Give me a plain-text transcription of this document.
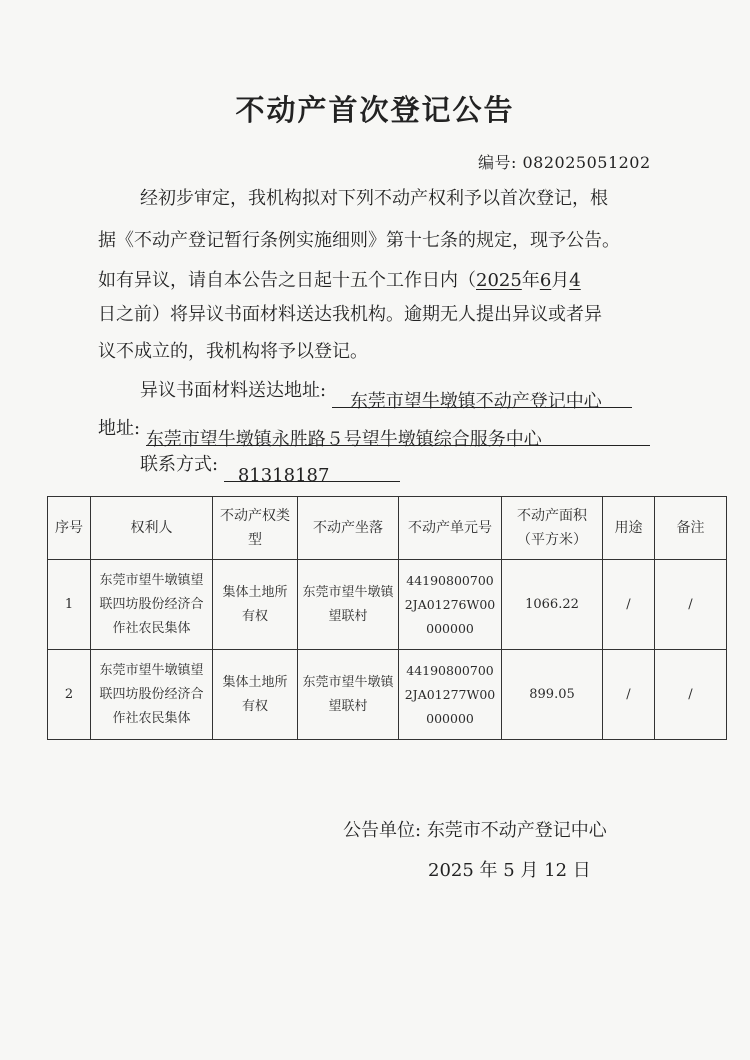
不动产首次登记公告
编号: 082025051202
经初步审定，我机构拟对下列不动产权利予以首次登记，根
据《不动产登记暂行条例实施细则》第十七条的规定，现予公告。
如有异议，请自本公告之日起十五个工作日内（2025年6月4
日之前）将异议书面材料送达我机构。逾期无人提出异议或者异
议不成立的，我机构将予以登记。
异议书面材料送达地址: 东莞市望牛墩镇不动产登记中心
地址: 东莞市望牛墩镇永胜路５号望牛墩镇综合服务中心
联系方式: 81318187
序号	权利人	不动产权类型	不动产坐落	不动产单元号	不动产面积（平方米）	用途	备注
1	东莞市望牛墩镇望联四坊股份经济合作社农民集体	集体土地所有权	东莞市望牛墩镇望联村	441908007002JA01276W00000000	1066.22	/	/
2	东莞市望牛墩镇望联四坊股份经济合作社农民集体	集体土地所有权	东莞市望牛墩镇望联村	441908007002JA01277W00000000	899.05	/	/
公告单位: 东莞市不动产登记中心
2025 年 5 月 12 日
